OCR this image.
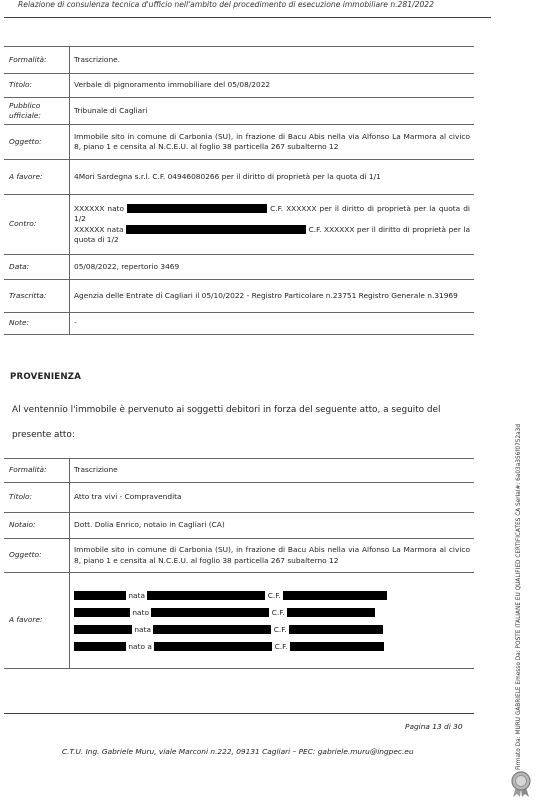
Relazione di consulenza tecnica d'ufficio nell'ambito del procedimento di esecuzione immobiliare n.281/2022
Formalità:	Trascrizione.
Titolo:	Verbale di pignoramento immobiliare del 05/08/2022
Pubblico ufficiale:	Tribunale di Cagliari
Oggetto:	Immobile sito in comune di Carbonia (SU), in frazione di Bacu Abis nella via Alfonso La Marmora al civico 8, piano 1 e censita al N.C.E.U. al foglio 38 particella 267 subalterno 12
A favore:	4Mori Sardegna s.r.l. C.F. 04946080266 per il diritto di proprietà per la quota di 1/1
Contro:	XXXXXX nato C.F. XXXXXX per il diritto di proprietà per la quota di 1/2
XXXXXX nata C.F. XXXXXX per il diritto di proprietà per la quota di 1/2
Data:	05/08/2022, repertorio 3469
Trascritta:	Agenzia delle Entrate di Cagliari il 05/10/2022 - Registro Particolare n.23751 Registro Generale n.31969
Note:	-
PROVENIENZA
Al ventennio l'immobile è pervenuto ai soggetti debitori in forza del seguente atto, a seguito del presente atto:
Formalità:	Trascrizione
Titolo:	Atto tra vivi - Compravendita
Notaio:	Dott. Dolia Enrico, notaio in Cagliari (CA)
Oggetto:	Immobile sito in comune di Carbonia (SU), in frazione di Bacu Abis nella via Alfonso La Marmora al civico 8, piano 1 e censita al N.C.E.U. al foglio 38 particella 267 subalterno 12
A favore:	nata C.F.
nato C.F.
nata C.F.
nato a C.F.
Pagina 13 di 30
C.T.U. Ing. Gabriele Muru, viale Marconi n.222, 09131 Cagliari – PEC: gabriele.muru@ingpec.eu	Firmato Da: MURU GABRIELE Emesso Da: POSTE ITALIANE EU QUALIFIED CERTIFICATES CA Serial#: 6a03a356f0752a3d
